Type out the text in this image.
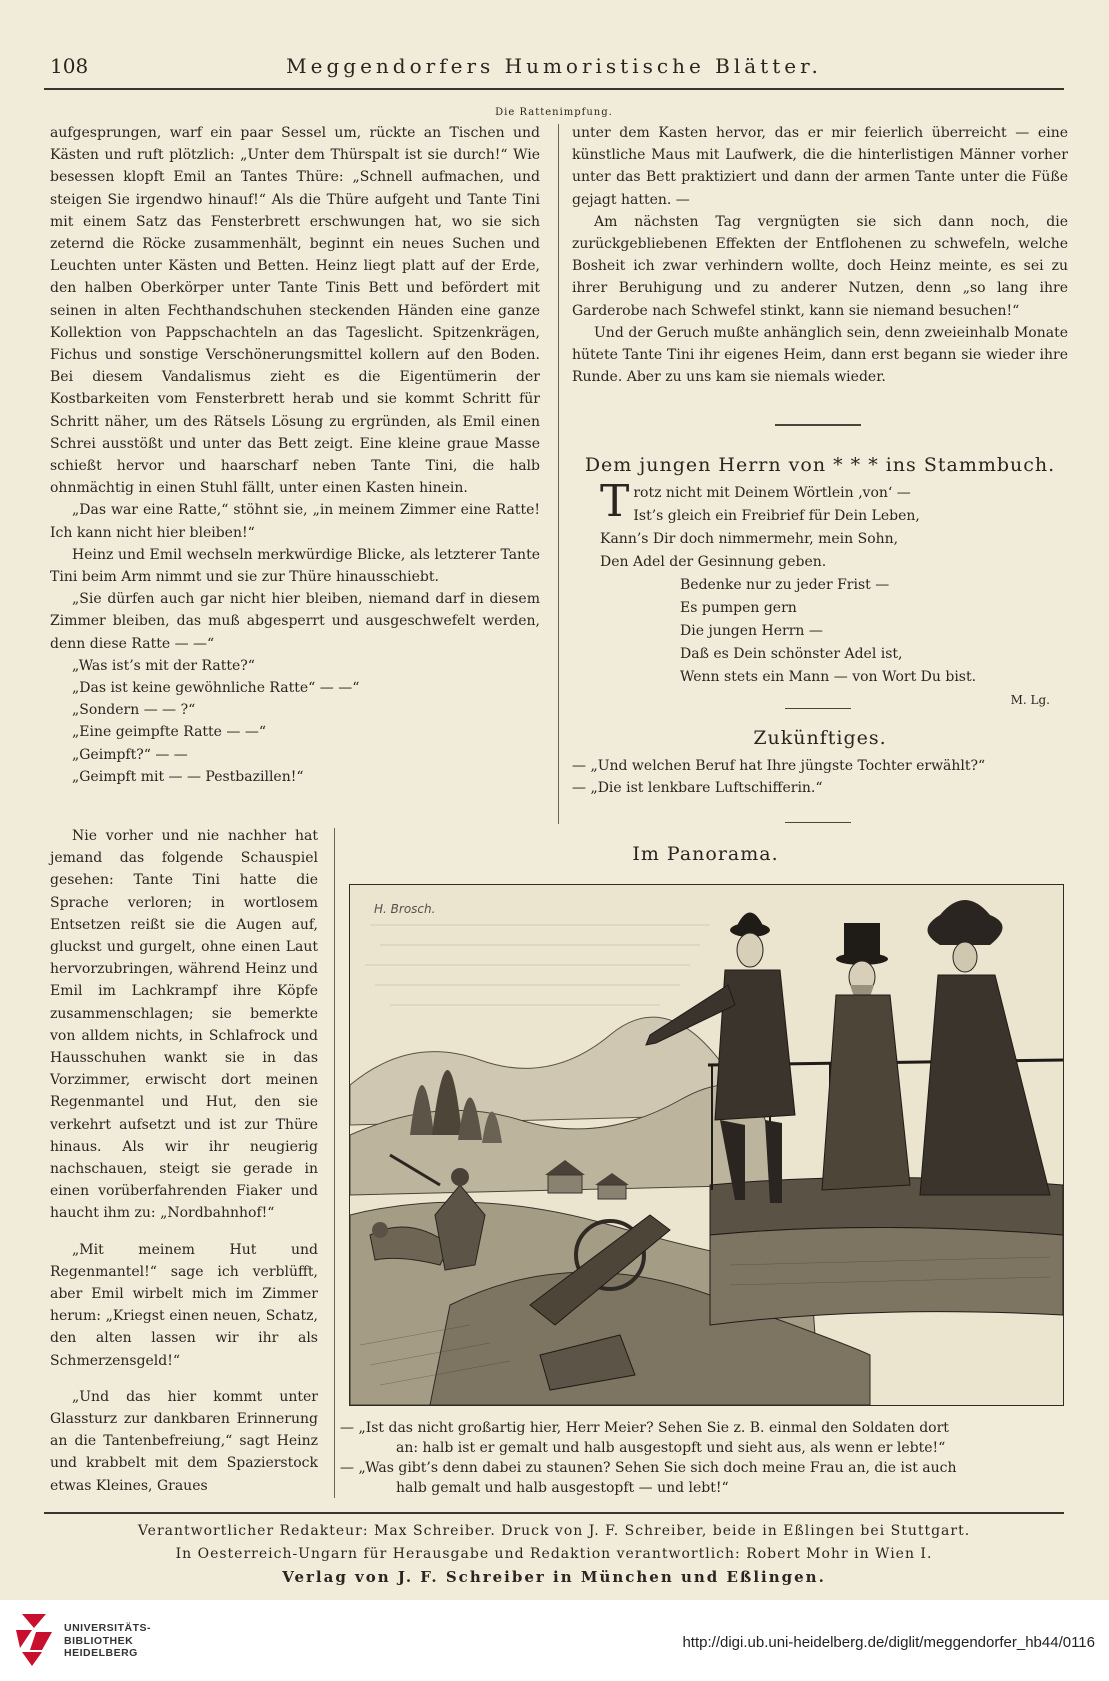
108	Meggendorfers Humoristische Blätter.
Die Rattenimpfung.

aufgesprungen, warf ein paar Sessel um, rückte an Tischen und Kästen und ruft plötzlich: „Unter dem Thürspalt ist sie durch!“ Wie besessen klopft Emil an Tantes Thüre: „Schnell aufmachen, und steigen Sie irgendwo hinauf!“ Als die Thüre aufgeht und Tante Tini mit einem Satz das Fensterbrett erschwungen hat, wo sie sich zeternd die Röcke zusammenhält, beginnt ein neues Suchen und Leuchten unter Kästen und Betten. Heinz liegt platt auf der Erde, den halben Oberkörper unter Tante Tinis Bett und befördert mit seinen in alten Fechthandschuhen steckenden Händen eine ganze Kollektion von Pappschachteln an das Tageslicht. Spitzenkrägen, Fichus und sonstige Verschönerungsmittel kollern auf den Boden. Bei diesem Vandalismus zieht es die Eigentümerin der Kostbarkeiten vom Fensterbrett herab und sie kommt Schritt für Schritt näher, um des Rätsels Lösung zu ergründen, als Emil einen Schrei ausstößt und unter das Bett zeigt. Eine kleine graue Masse schießt hervor und haarscharf neben Tante Tini, die halb ohnmächtig in einen Stuhl fällt, unter einen Kasten hinein.

„Das war eine Ratte,“ stöhnt sie, „in meinem Zimmer eine Ratte! Ich kann nicht hier bleiben!“

Heinz und Emil wechseln merkwürdige Blicke, als letzterer Tante Tini beim Arm nimmt und sie zur Thüre hinausschiebt.

„Sie dürfen auch gar nicht hier bleiben, niemand darf in diesem Zimmer bleiben, das muß abgesperrt und ausgeschwefelt werden, denn diese Ratte — —“

„Was ist’s mit der Ratte?“

„Das ist keine gewöhnliche Ratte“ — —“

„Sondern — — ?“

„Eine geimpfte Ratte — —“

„Geimpft?“ — —

„Geimpft mit — — Pestbazillen!“

Nie vorher und nie nachher hat jemand das folgende Schauspiel gesehen: Tante Tini hatte die Sprache verloren; in wortlosem Entsetzen reißt sie die Augen auf, gluckst und gurgelt, ohne einen Laut hervorzubringen, während Heinz und Emil im Lachkrampf ihre Köpfe zusammenschlagen; sie bemerkte von alldem nichts, in Schlafrock und Hausschuhen wankt sie in das Vorzimmer, erwischt dort meinen Regenmantel und Hut, den sie verkehrt aufsetzt und ist zur Thüre hinaus. Als wir ihr neugierig nachschauen, steigt sie gerade in einen vorüberfahrenden Fiaker und haucht ihm zu: „Nordbahnhof!“

„Mit meinem Hut und Regenmantel!“ sage ich verblüfft, aber Emil wirbelt mich im Zimmer herum: „Kriegst einen neuen, Schatz, den alten lassen wir ihr als Schmerzensgeld!“

„Und das hier kommt unter Glassturz zur dankbaren Erinnerung an die Tantenbefreiung,“ sagt Heinz und krabbelt mit dem Spazierstock etwas Kleines, Graues

unter dem Kasten hervor, das er mir feierlich überreicht — eine künstliche Maus mit Laufwerk, die die hinterlistigen Männer vorher unter das Bett praktiziert und dann der armen Tante unter die Füße gejagt hatten. —

Am nächsten Tag vergnügten sie sich dann noch, die zurückgebliebenen Effekten der Entflohenen zu schwefeln, welche Bosheit ich zwar verhindern wollte, doch Heinz meinte, es sei zu ihrer Beruhigung und zu anderer Nutzen, denn „so lang ihre Garderobe nach Schwefel stinkt, kann sie niemand besuchen!“

Und der Geruch mußte anhänglich sein, denn zweieinhalb Monate hütete Tante Tini ihr eigenes Heim, dann erst begann sie wieder ihre Runde. Aber zu uns kam sie niemals wieder.

Dem jungen Herrn von * * * ins Stammbuch.
Trotz nicht mit Deinem Wörtlein ‚von‘ —
Ist’s gleich ein Freibrief für Dein Leben,
Kann’s Dir doch nimmermehr, mein Sohn,
Den Adel der Gesinnung geben.
Bedenke nur zu jeder Frist —
Es pumpen gern
Die jungen Herrn —
Daß es Dein schönster Adel ist,
Wenn stets ein Mann — von Wort Du bist.
M. Lg.
Zukünftiges.
— „Und welchen Beruf hat Ihre jüngste Tochter erwählt?“
— „Die ist lenkbare Luftschifferin.“
Im Panorama.
H. Brosch.
— „Ist das nicht großartig hier, Herr Meier? Sehen Sie z. B. einmal den Soldaten dort
an: halb ist er gemalt und halb ausgestopft und sieht aus, als wenn er lebte!“
— „Was gibt’s denn dabei zu staunen? Sehen Sie sich doch meine Frau an, die ist auch
halb gemalt und halb ausgestopft — und lebt!“
Verantwortlicher Redakteur: Max Schreiber. Druck von J. F. Schreiber, beide in Eßlingen bei Stuttgart.
In Oesterreich-Ungarn für Herausgabe und Redaktion verantwortlich: Robert Mohr in Wien I.
Verlag von J. F. Schreiber in München und Eßlingen.
UNIVERSITÄTS-
BIBLIOTHEK
HEIDELBERG
http://digi.ub.uni-heidelberg.de/diglit/meggendorfer_hb44/0116
